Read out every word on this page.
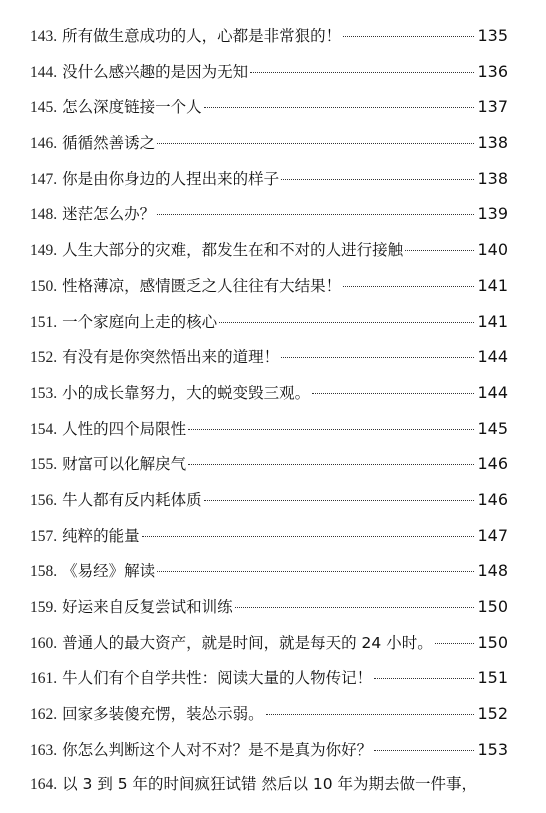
143. 所有做生意成功的人，心都是非常狠的！	135
144. 没什么感兴趣的是因为无知	136
145. 怎么深度链接一个人	137
146. 循循然善诱之	138
147. 你是由你身边的人捏出来的样子	138
148. 迷茫怎么办？	139
149. 人生大部分的灾难，都发生在和不对的人进行接触	140
150. 性格薄凉，感情匮乏之人往往有大结果！	141
151. 一个家庭向上走的核心	141
152. 有没有是你突然悟出来的道理！	144
153. 小的成长靠努力，大的蜕变毁三观。	144
154. 人性的四个局限性	145
155. 财富可以化解戾气	146
156. 牛人都有反内耗体质	146
157. 纯粹的能量	147
158. 《易经》解读	148
159. 好运来自反复尝试和训练	150
160. 普通人的最大资产，就是时间，就是每天的 24 小时。	150
161. 牛人们有个自学共性：阅读大量的人物传记！	151
162. 回家多装傻充愣，装怂示弱。	152
163. 你怎么判断这个人对不对？是不是真为你好？	153
164. 以 3 到 5 年的时间疯狂试错 然后以 10 年为期去做一件事，
